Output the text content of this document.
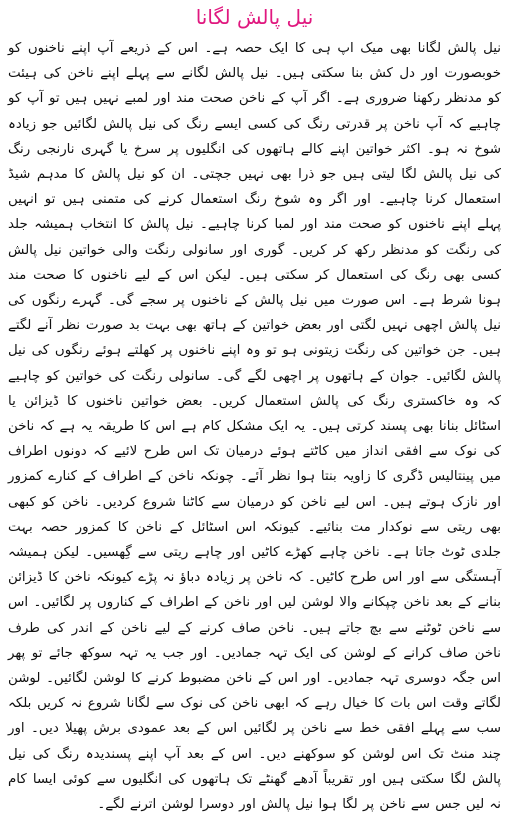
نیل پالش لگانا

نیل پالش لگانا بھی میک اپ ہی کا ایک حصہ ہے۔ اس کے ذریعے آپ اپنے ناخنوں کو خوبصورت اور دل کش بنا سکتی ہیں۔ نیل پالش لگانے سے پہلے اپنے ناخن کی ہیئت کو مدنظر رکھنا ضروری ہے۔ اگر آپ کے ناخن صحت مند اور لمبے نہیں ہیں تو آپ کو چاہیے کہ آپ ناخن پر قدرتی رنگ کی کسی ایسے رنگ کی نیل پالش لگائیں جو زیادہ شوخ نہ ہو۔ اکثر خواتین اپنے کالے ہاتھوں کی انگلیوں پر سرخ یا گہری نارنجی رنگ کی نیل پالش لگا لیتی ہیں جو ذرا بھی نہیں جچتی۔ ان کو نیل پالش کا مدہم شیڈ استعمال کرنا چاہیے۔ اور اگر وہ شوخ رنگ استعمال کرنے کی متمنی ہیں تو انہیں پہلے اپنے ناخنوں کو صحت مند اور لمبا کرنا چاہیے۔ نیل پالش کا انتخاب ہمیشہ جلد کی رنگت کو مدنظر رکھ کر کریں۔ گوری اور سانولی رنگت والی خواتین نیل پالش کسی بھی رنگ کی استعمال کر سکتی ہیں۔ لیکن اس کے لیے ناخنوں کا صحت مند ہونا شرط ہے۔ اس صورت میں نیل پالش کے ناخنوں پر سجے گی۔ گہرے رنگوں کی نیل پالش اچھی نہیں لگتی اور بعض خواتین کے ہاتھ بھی بہت بد صورت نظر آنے لگتے ہیں۔ جن خواتین کی رنگت زیتونی ہو تو وہ اپنے ناخنوں پر کھلتے ہوئے رنگوں کی نیل پالش لگائیں۔ جوان کے ہاتھوں پر اچھی لگے گی۔ سانولی رنگت کی خواتین کو چاہیے کہ وہ خاکستری رنگ کی پالش استعمال کریں۔ بعض خواتین ناخنوں کا ڈیزائن یا اسٹائل بنانا بھی پسند کرتی ہیں۔ یہ ایک مشکل کام ہے اس کا طریقہ یہ ہے کہ ناخن کی نوک سے افقی انداز میں کاٹتے ہوئے درمیان تک اس طرح لائیے کہ دونوں اطراف میں پینتالیس ڈگری کا زاویہ بنتا ہوا نظر آئے۔ چونکہ ناخن کے اطراف کے کنارے کمزور اور نازک ہوتے ہیں۔ اس لیے ناخن کو درمیان سے کاٹنا شروع کردیں۔ ناخن کو کبھی بھی ریتی سے نوکدار مت بنائیے۔ کیونکہ اس اسٹائل کے ناخن کا کمزور حصہ بہت جلدی ٹوٹ جاتا ہے۔ ناخن چاہے کھڑے کاٹیں اور چاہے ریتی سے گِھسیں۔ لیکن ہمیشہ آہستگی سے اور اس طرح کاٹیں۔ کہ ناخن پر زیادہ دباؤ نہ پڑے کیونکہ ناخن کا ڈیزائن بنانے کے بعد ناخن چپکانے والا لوشن لیں اور ناخن کے اطراف کے کناروں پر لگائیں۔ اس سے ناخن ٹوٹنے سے بچ جاتے ہیں۔ ناخن صاف کرنے کے لیے ناخن کے اندر کی طرف ناخن صاف کرانے کے لوشن کی ایک تہہ جمادیں۔ اور جب یہ تہہ سوکھ جائے تو پھر اس جگہ دوسری تہہ جمادیں۔ اور اس کے ناخن مضبوط کرنے کا لوشن لگائیں۔ لوشن لگاتے وقت اس بات کا خیال رہے کہ ابھی ناخن کی نوک سے لگانا شروع نہ کریں بلکہ سب سے پہلے افقی خط سے ناخن پر لگائیں اس کے بعد عمودی برش پھیلا دیں۔ اور چند منٹ تک اس لوشن کو سوکھنے دیں۔ اس کے بعد آپ اپنے پسندیدہ رنگ کی نیل پالش لگا سکتی ہیں اور تقریباً آدھے گھنٹے تک ہاتھوں کی انگلیوں سے کوئی ایسا کام نہ لیں جس سے ناخن پر لگا ہوا نیل پالش اور دوسرا لوشن اترنے لگے۔
